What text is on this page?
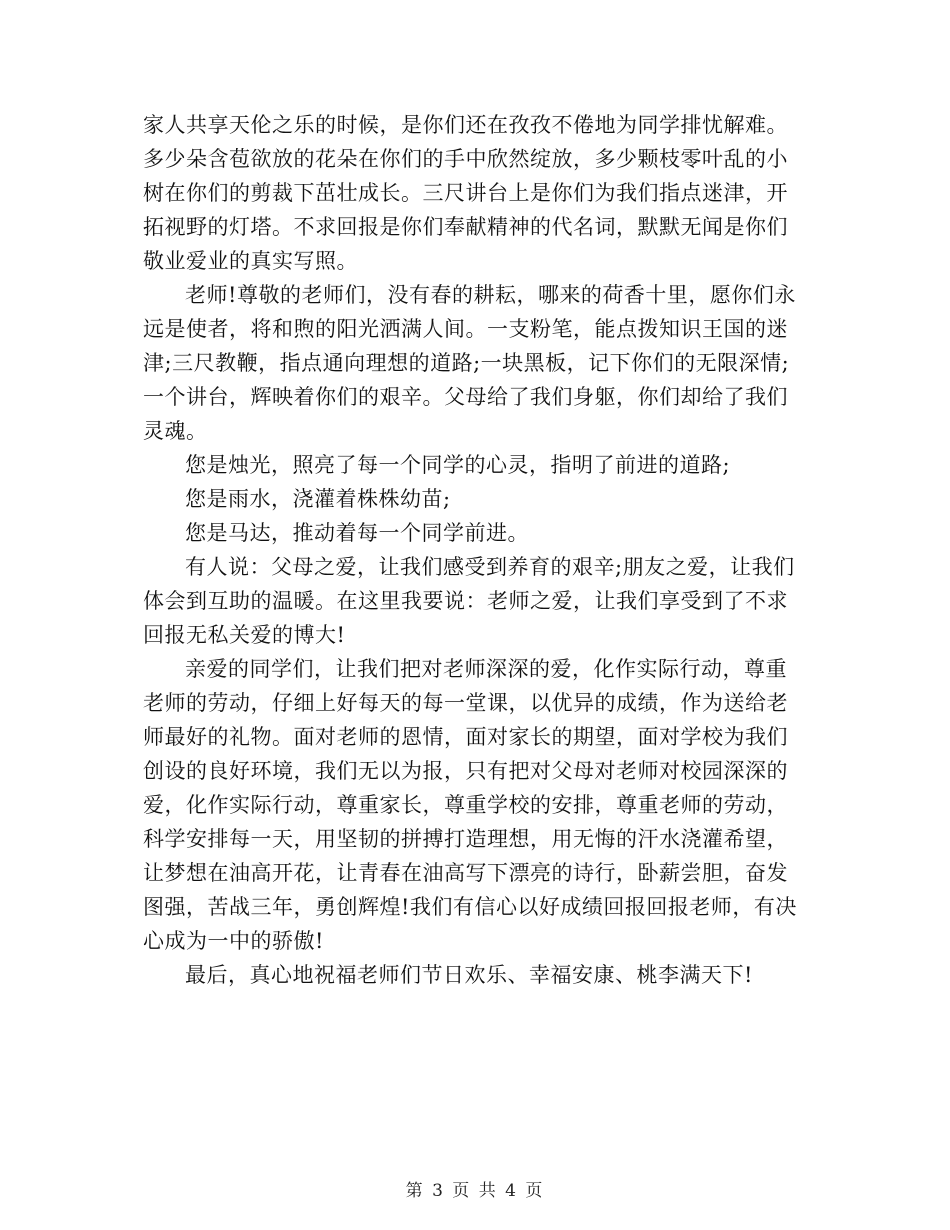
家人共享天伦之乐的时候，是你们还在孜孜不倦地为同学排忧解难。
多少朵含苞欲放的花朵在你们的手中欣然绽放，多少颗枝零叶乱的小
树在你们的剪裁下茁壮成长。三尺讲台上是你们为我们指点迷津，开
拓视野的灯塔。不求回报是你们奉献精神的代名词，默默无闻是你们
敬业爱业的真实写照。
老师!尊敬的老师们，没有春的耕耘，哪来的荷香十里，愿你们永
远是使者，将和煦的阳光洒满人间。一支粉笔，能点拨知识王国的迷
津;三尺教鞭，指点通向理想的道路;一块黑板，记下你们的无限深情;
一个讲台，辉映着你们的艰辛。父母给了我们身躯，你们却给了我们
灵魂。
您是烛光，照亮了每一个同学的心灵，指明了前进的道路;
您是雨水，浇灌着株株幼苗;
您是马达，推动着每一个同学前进。
有人说：父母之爱，让我们感受到养育的艰辛;朋友之爱，让我们
体会到互助的温暖。在这里我要说：老师之爱，让我们享受到了不求
回报无私关爱的博大!
亲爱的同学们，让我们把对老师深深的爱，化作实际行动，尊重
老师的劳动，仔细上好每天的每一堂课，以优异的成绩，作为送给老
师最好的礼物。面对老师的恩情，面对家长的期望，面对学校为我们
创设的良好环境，我们无以为报，只有把对父母对老师对校园深深的
爱，化作实际行动，尊重家长，尊重学校的安排，尊重老师的劳动，
科学安排每一天，用坚韧的拼搏打造理想，用无悔的汗水浇灌希望，
让梦想在油高开花，让青春在油高写下漂亮的诗行，卧薪尝胆，奋发
图强，苦战三年，勇创辉煌!我们有信心以好成绩回报回报老师，有决
心成为一中的骄傲!
最后，真心地祝福老师们节日欢乐、幸福安康、桃李满天下!
第 3 页 共 4 页
